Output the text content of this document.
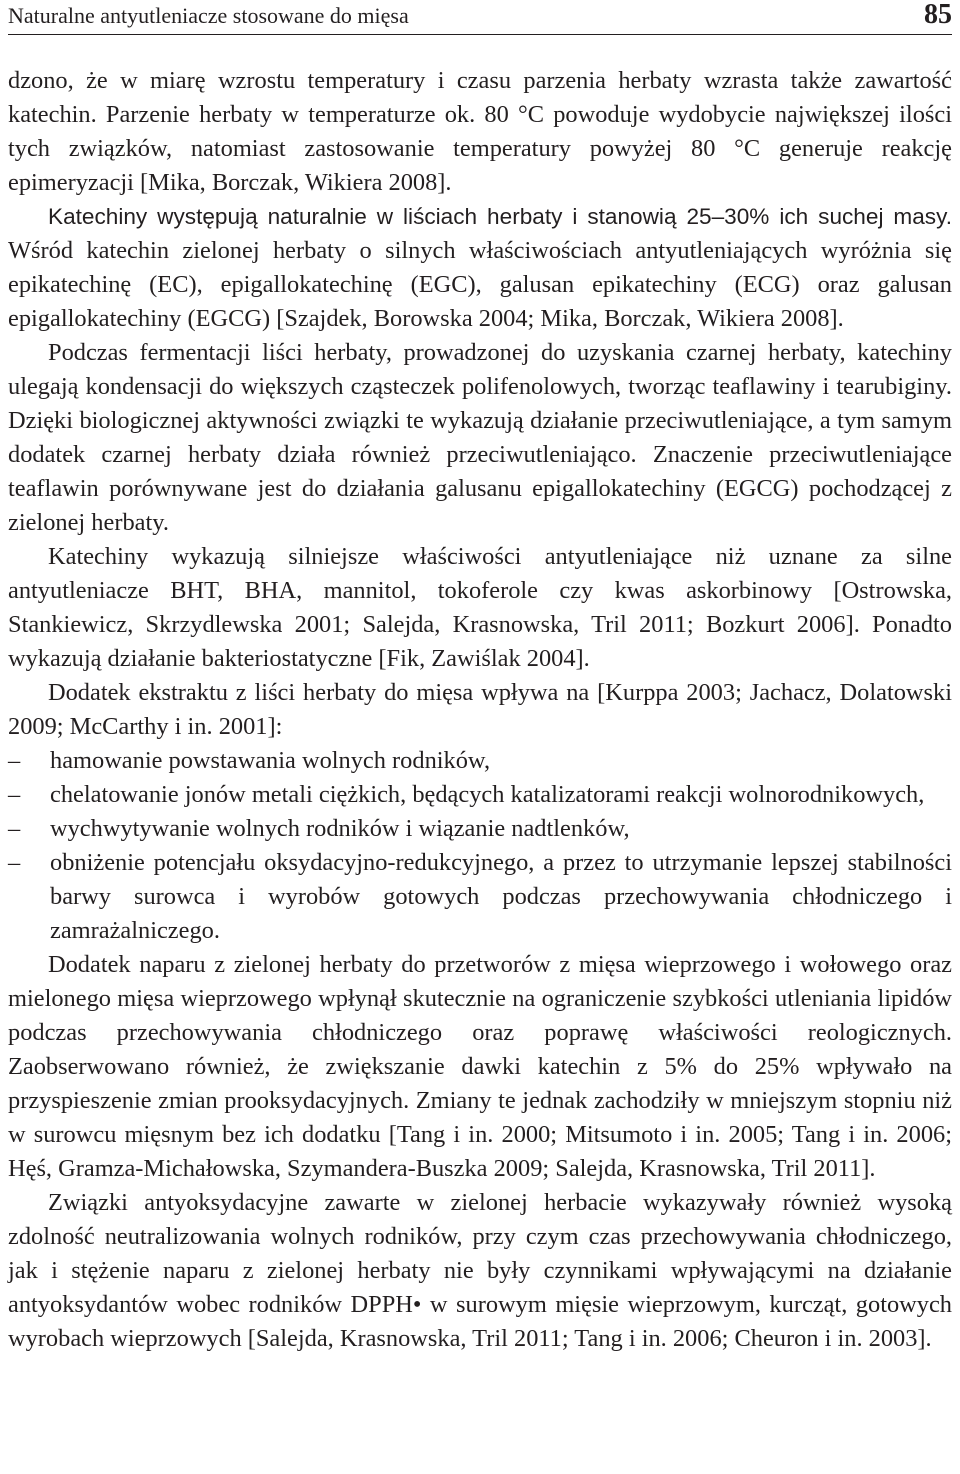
Naturalne antyutleniacze stosowane do mięsa	85

dzono, że w miarę wzrostu temperatury i czasu parzenia herbaty wzrasta także zawartość katechin. Parzenie herbaty w temperaturze ok. 80 °C powoduje wydobycie największej ilości tych związków, natomiast zastosowanie temperatury powyżej 80 °C generuje reakcję epimeryzacji [Mika, Borczak, Wikiera 2008].

Katechiny występują naturalnie w liściach herbaty i stanowią 25–30% ich suchej masy. Wśród katechin zielonej herbaty o silnych właściwościach antyutleniających wyróżnia się epikatechinę (EC), epigallokatechinę (EGC), galusan epikatechiny (ECG) oraz galusan epigallokatechiny (EGCG) [Szajdek, Borowska 2004; Mika, Borczak, Wikiera 2008].

Podczas fermentacji liści herbaty, prowadzonej do uzyskania czarnej herbaty, katechiny ulegają kondensacji do większych cząsteczek polifenolowych, tworząc teaflawiny i tearubiginy. Dzięki biologicznej aktywności związki te wykazują działanie przeciwutleniające, a tym samym dodatek czarnej herbaty działa również przeciwutleniająco. Znaczenie przeciwutleniające teaflawin porównywane jest do działania galusanu epigallokatechiny (EGCG) pochodzącej z zielonej herbaty.

Katechiny wykazują silniejsze właściwości antyutleniające niż uznane za silne antyutleniacze BHT, BHA, mannitol, tokoferole czy kwas askorbinowy [Ostrowska, Stankiewicz, Skrzydlewska 2001; Salejda, Krasnowska, Tril 2011; Bozkurt 2006]. Ponadto wykazują działanie bakteriostatyczne [Fik, Zawiślak 2004].

Dodatek ekstraktu z liści herbaty do mięsa wpływa na [Kurppa 2003; Jachacz, Dolatowski 2009; McCarthy i in. 2001]:

–	hamowanie powstawania wolnych rodników,
–	chelatowanie jonów metali ciężkich, będących katalizatorami reakcji wolnorodnikowych,
–	wychwytywanie wolnych rodników i wiązanie nadtlenków,
–	obniżenie potencjału oksydacyjno-redukcyjnego, a przez to utrzymanie lepszej stabilności barwy surowca i wyrobów gotowych podczas przechowywania chłodniczego i zamrażalniczego.

Dodatek naparu z zielonej herbaty do przetworów z mięsa wieprzowego i wołowego oraz mielonego mięsa wieprzowego wpłynął skutecznie na ograniczenie szybkości utleniania lipidów podczas przechowywania chłodniczego oraz poprawę właściwości reologicznych. Zaobserwowano również, że zwiększanie dawki katechin z 5% do 25% wpływało na przyspieszenie zmian prooksydacyjnych. Zmiany te jednak zachodziły w mniejszym stopniu niż w surowcu mięsnym bez ich dodatku [Tang i in. 2000; Mitsumoto i in. 2005; Tang i in. 2006; Hęś, Gramza-Michałowska, Szymandera-Buszka 2009; Salejda, Krasnowska, Tril 2011].

Związki antyoksydacyjne zawarte w zielonej herbacie wykazywały również wysoką zdolność neutralizowania wolnych rodników, przy czym czas przechowywania chłodniczego, jak i stężenie naparu z zielonej herbaty nie były czynnikami wpływającymi na działanie antyoksydantów wobec rodników DPPH• w surowym mięsie wieprzowym, kurcząt, gotowych wyrobach wieprzowych [Salejda, Krasnowska, Tril 2011; Tang i in. 2006; Cheuron i in. 2003].
